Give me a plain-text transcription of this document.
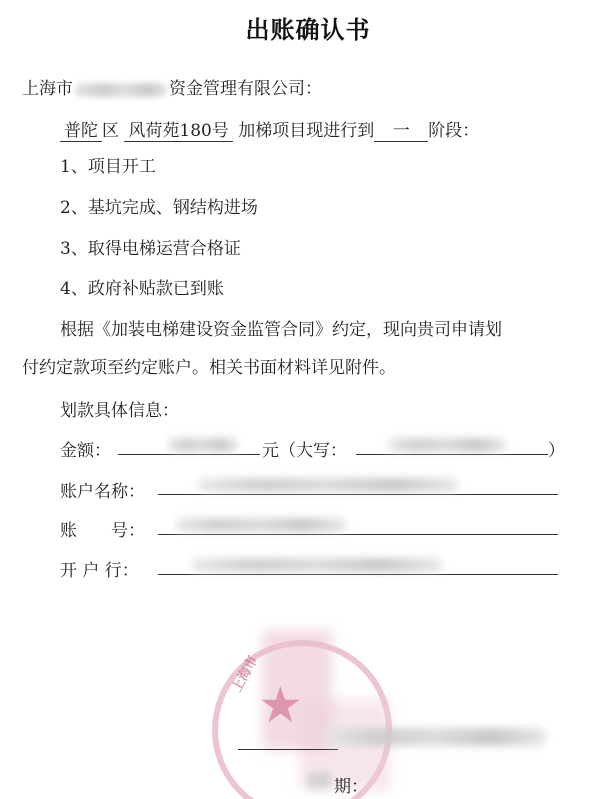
出账确认书
上海市	资金管理有限公司：
普陀 区 风荷苑180号 加梯项目现进行到 一 阶段：
1、项目开工
2、基坑完成、钢结构进场
3、取得电梯运营合格证
4、政府补贴款已到账
根据《加装电梯建设资金监管合同》约定，现向贵司申请划
付约定款项至约定账户。相关书面材料详见附件。
划款具体信息：
金额：	元（大写：	）
账户名称：
账　　号：
开 户 行：
★
上海市
期：
